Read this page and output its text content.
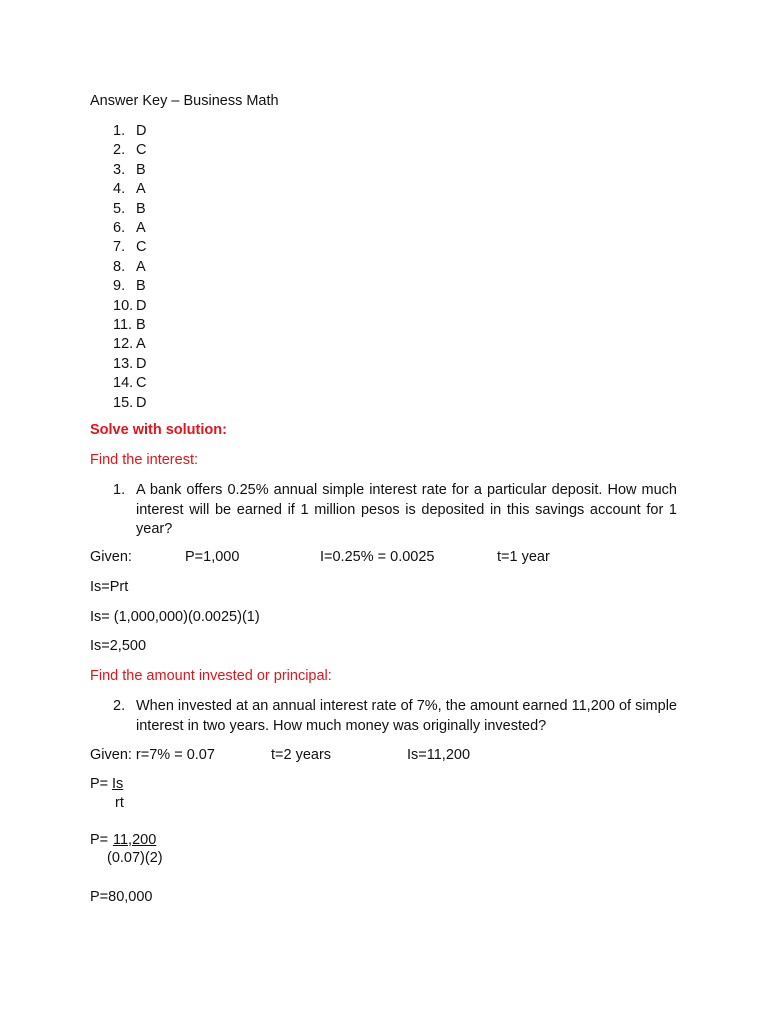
Answer Key – Business Math
1. D
2. C
3. B
4. A
5. B
6. A
7. C
8. A
9. B
10. D
11. B
12. A
13. D
14. C
15. D
Solve with solution:
Find the interest:
1. A bank offers 0.25% annual simple interest rate for a particular deposit. How much interest will be earned if 1 million pesos is deposited in this savings account for 1 year?
Given:	P=1,000	I=0.25% = 0.0025	t=1 year
Is=Prt
Is= (1,000,000)(0.0025)(1)
Is=2,500
Find the amount invested or principal:
2. When invested at an annual interest rate of 7%, the amount earned 11,200 of simple interest in two years. How much money was originally invested?
Given: r=7% = 0.07	t=2 years	Is=11,200
P= Is
rt
P= 11,200
(0.07)(2)
P=80,000
